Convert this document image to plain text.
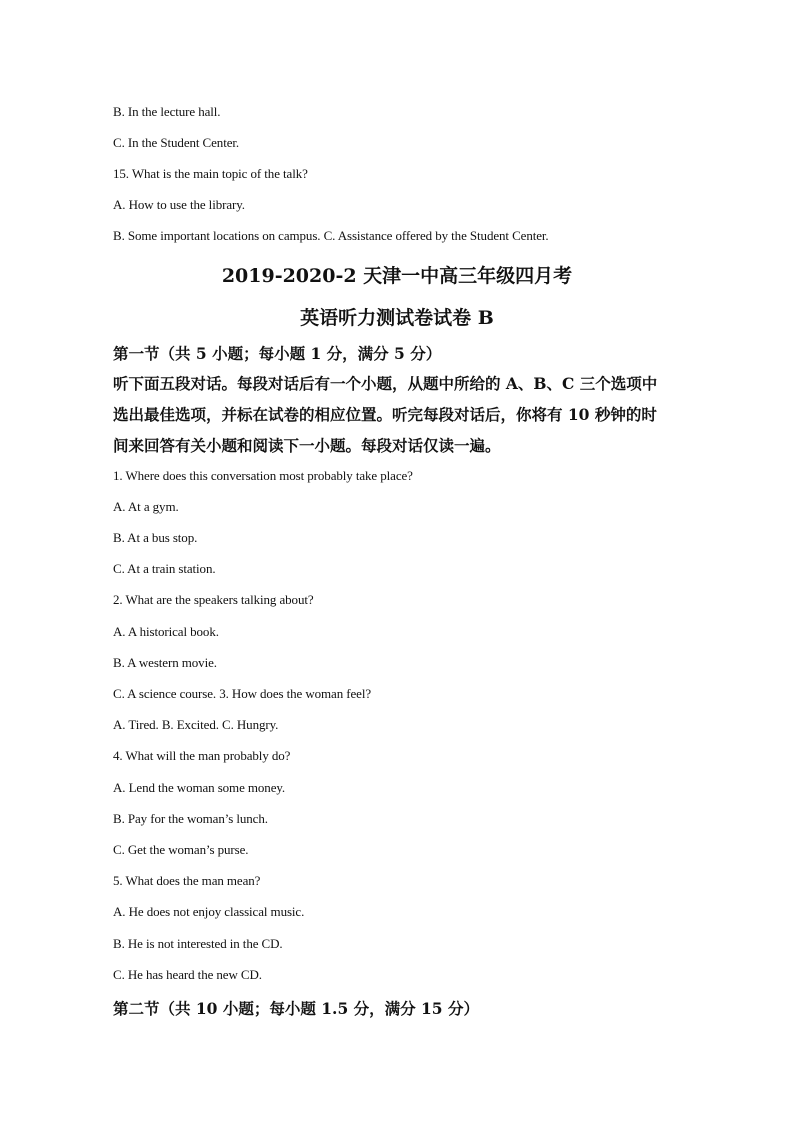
B. In the lecture hall.
C. In the Student Center.
15. What is the main topic of the talk?
A. How to use the library.
B. Some important locations on campus. C. Assistance offered by the Student Center.
2019-2020-2 天津一中高三年级四月考
英语听力测试卷试卷 B
第一节（共 5 小题；每小题 1 分，满分 5 分）
听下面五段对话。每段对话后有一个小题，从题中所给的 A、B、C 三个选项中
选出最佳选项，并标在试卷的相应位置。听完每段对话后，你将有 10 秒钟的时
间来回答有关小题和阅读下一小题。每段对话仅读一遍。
1. Where does this conversation most probably take place?
A. At a gym.
B. At a bus stop.
C. At a train station.
2. What are the speakers talking about?
A. A historical book.
B. A western movie.
C. A science course. 3. How does the woman feel?
A. Tired. B. Excited. C. Hungry.
4. What will the man probably do?
A. Lend the woman some money.
B. Pay for the woman’s lunch.
C. Get the woman’s purse.
5. What does the man mean?
A. He does not enjoy classical music.
B. He is not interested in the CD.
C. He has heard the new CD.
第二节（共 10 小题；每小题 1.5 分，满分 15 分）
